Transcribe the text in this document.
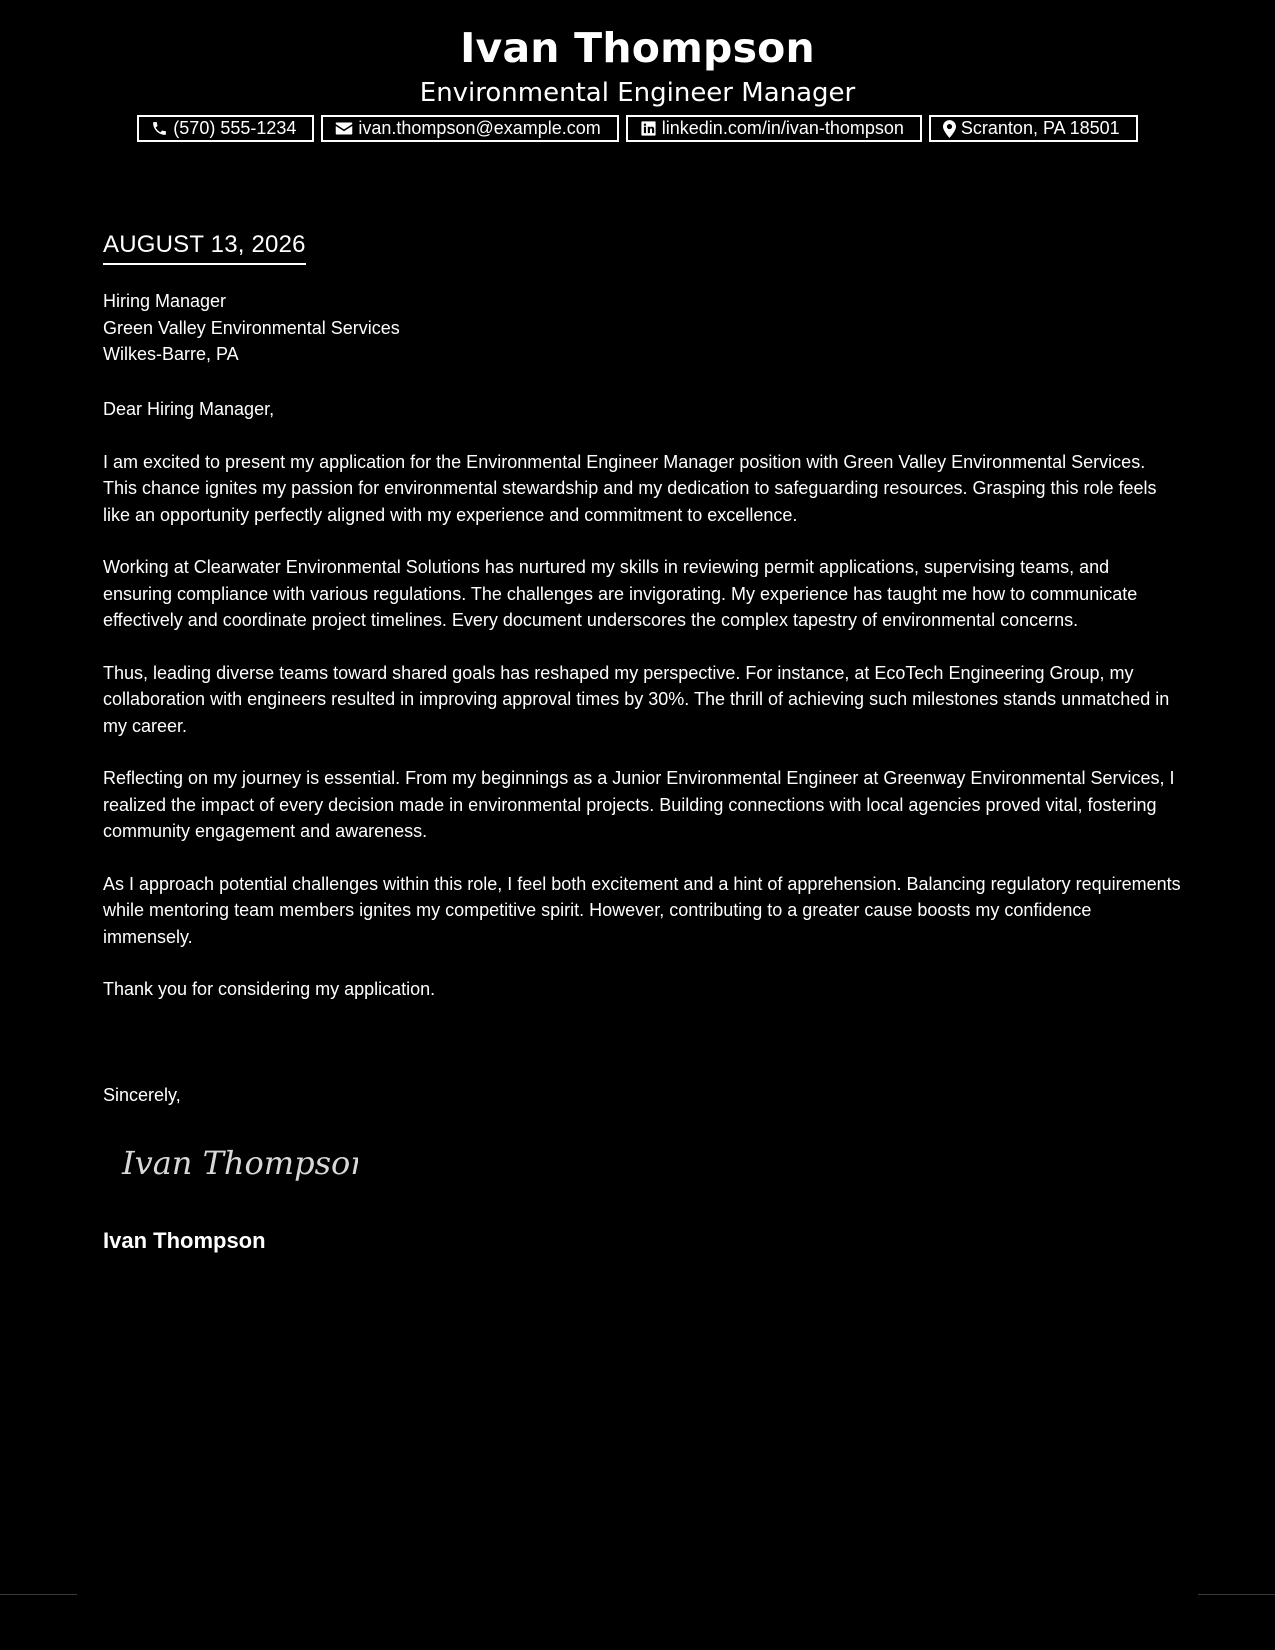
Ivan Thompson
Environmental Engineer Manager
(570) 555-1234	ivan.thompson@example.com	linkedin.com/in/ivan-thompson	Scranton, PA 18501
AUGUST 13, 2026
Hiring Manager
Green Valley Environmental Services
Wilkes-Barre, PA

Dear Hiring Manager,

I am excited to present my application for the Environmental Engineer Manager position with Green Valley Environmental Services. This chance ignites my passion for environmental stewardship and my dedication to safeguarding resources. Grasping this role feels like an opportunity perfectly aligned with my experience and commitment to excellence.

Working at Clearwater Environmental Solutions has nurtured my skills in reviewing permit applications, supervising teams, and ensuring compliance with various regulations. The challenges are invigorating. My experience has taught me how to communicate effectively and coordinate project timelines. Every document underscores the complex tapestry of environmental concerns.

Thus, leading diverse teams toward shared goals has reshaped my perspective. For instance, at EcoTech Engineering Group, my collaboration with engineers resulted in improving approval times by 30%. The thrill of achieving such milestones stands unmatched in my career.

Reflecting on my journey is essential. From my beginnings as a Junior Environmental Engineer at Greenway Environmental Services, I realized the impact of every decision made in environmental projects. Building connections with local agencies proved vital, fostering community engagement and awareness.

As I approach potential challenges within this role, I feel both excitement and a hint of apprehension. Balancing regulatory requirements while mentoring team members ignites my competitive spirit. However, contributing to a greater cause boosts my confidence immensely.

Thank you for considering my application.

Sincerely,
Ivan Thompson
Ivan Thompson
